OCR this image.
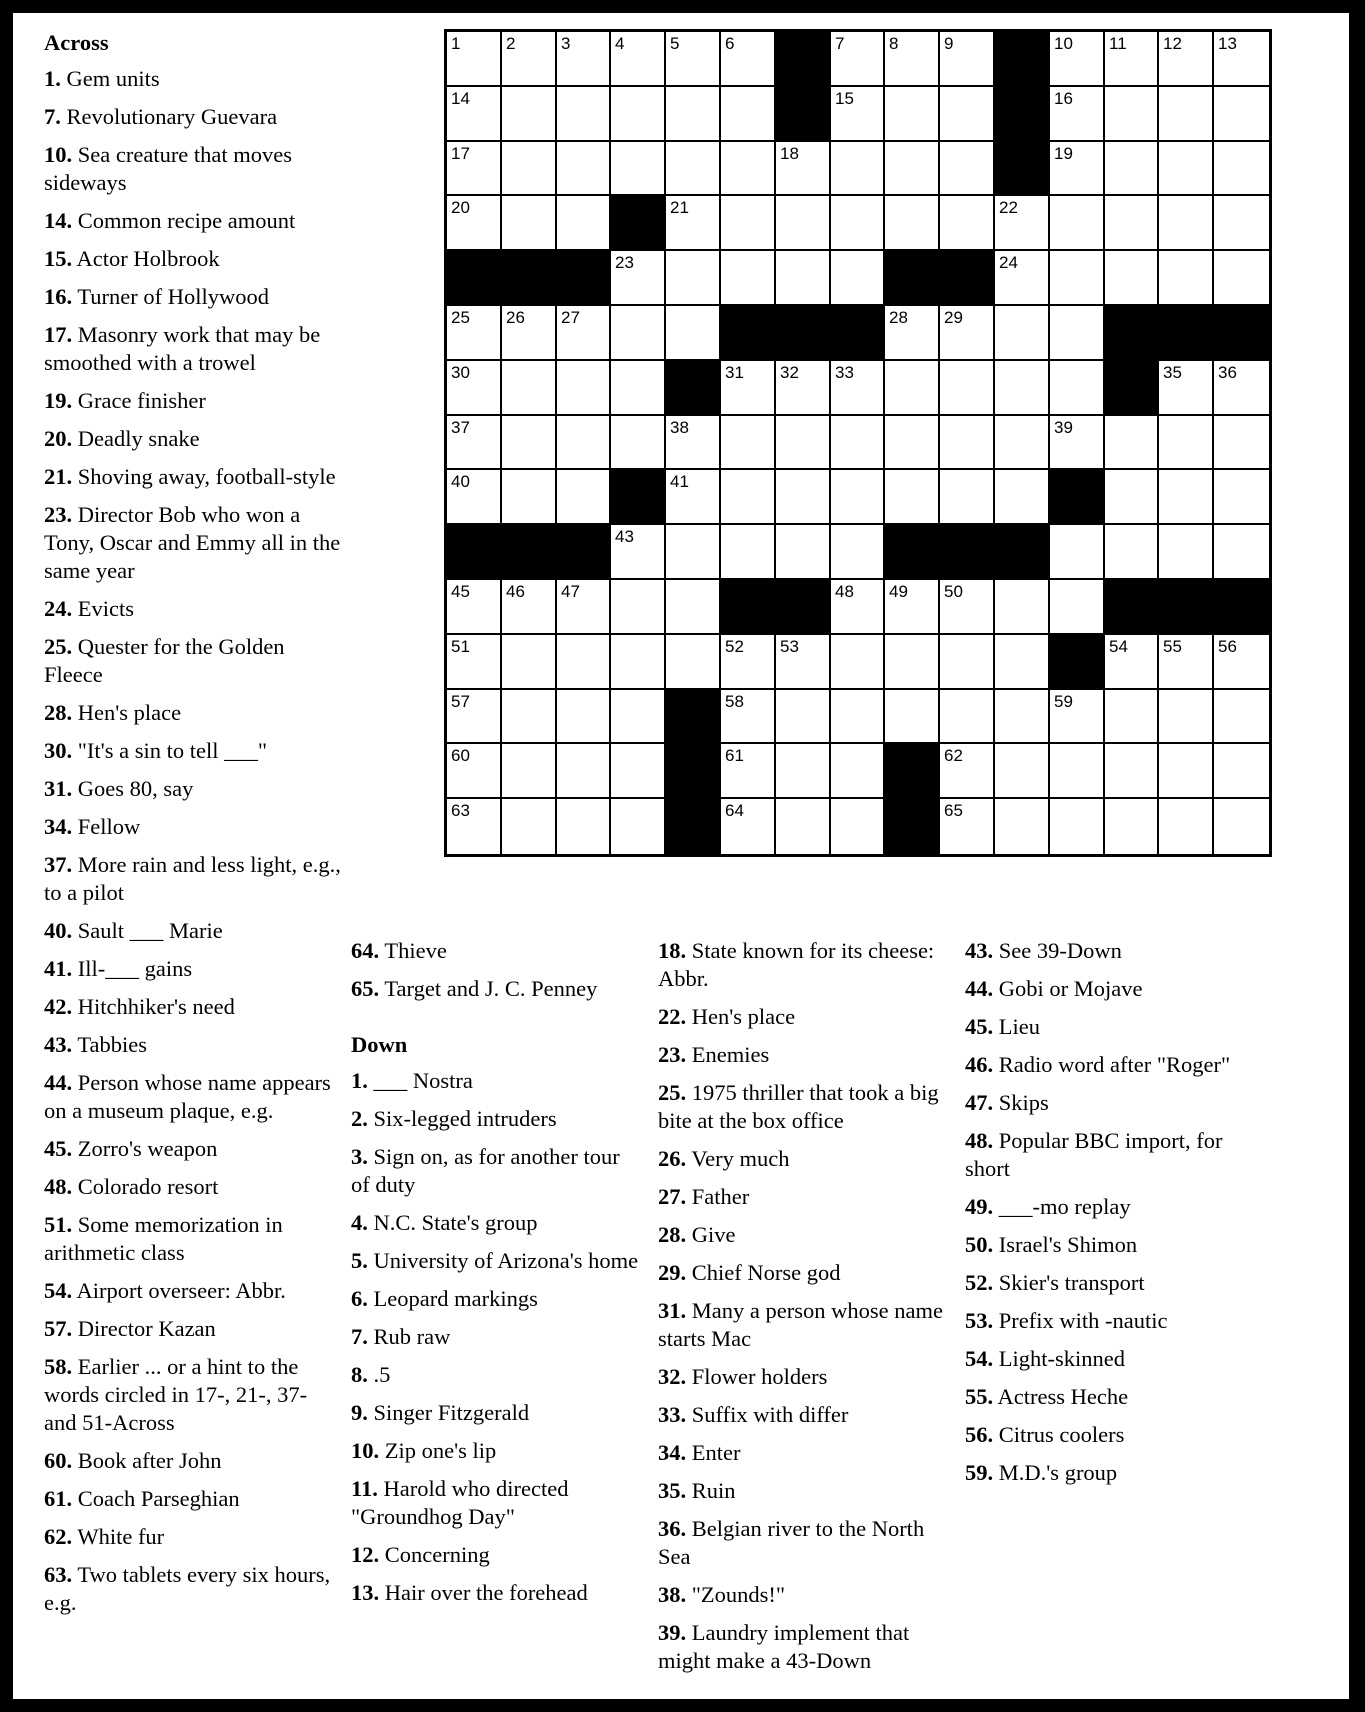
1	2	3	4	5	6	7	8	9	10 11 12 13
14	15	16
17	18	19
20	21	22
23	24
25 26 27	28 29
30	31 32 33	35 36
37	38	39
40	41
43
45 46 47	48 49 50
51	52 53	54 55 56
57	58	59
60	61	62
63	64	65
Across
1. Gem units
7. Revolutionary Guevara
10. Sea creature that moves sideways
14. Common recipe amount
15. Actor Holbrook
16. Turner of Hollywood
17. Masonry work that may be smoothed with a trowel
19. Grace finisher
20. Deadly snake
21. Shoving away, football-style
23. Director Bob who won a Tony, Oscar and Emmy all in the same year
24. Evicts
25. Quester for the Golden Fleece
28. Hen's place
30. "It's a sin to tell ___"
31. Goes 80, say
34. Fellow
37. More rain and less light, e.g., to a pilot
40. Sault ___ Marie
41. Ill-___ gains
42. Hitchhiker's need
43. Tabbies
44. Person whose name appears on a museum plaque, e.g.
45. Zorro's weapon
48. Colorado resort
51. Some memorization in arithmetic class
54. Airport overseer: Abbr.
57. Director Kazan
58. Earlier ... or a hint to the words circled in 17-, 21-, 37- and 51-Across
60. Book after John
61. Coach Parseghian
62. White fur
63. Two tablets every six hours, e.g.
64. Thieve
65. Target and J. C. Penney
Down
1. ___ Nostra
2. Six-legged intruders
3. Sign on, as for another tour of duty
4. N.C. State's group
5. University of Arizona's home
6. Leopard markings
7. Rub raw
8. .5
9. Singer Fitzgerald
10. Zip one's lip
11. Harold who directed "Groundhog Day"
12. Concerning
13. Hair over the forehead
18. State known for its cheese: Abbr.
22. Hen's place
23. Enemies
25. 1975 thriller that took a big bite at the box office
26. Very much
27. Father
28. Give
29. Chief Norse god
31. Many a person whose name starts Mac
32. Flower holders
33. Suffix with differ
34. Enter
35. Ruin
36. Belgian river to the North Sea
38. "Zounds!"
39. Laundry implement that might make a 43-Down
43. See 39-Down
44. Gobi or Mojave
45. Lieu
46. Radio word after "Roger"
47. Skips
48. Popular BBC import, for short
49. ___-mo replay
50. Israel's Shimon
52. Skier's transport
53. Prefix with -nautic
54. Light-skinned
55. Actress Heche
56. Citrus coolers
59. M.D.'s group
